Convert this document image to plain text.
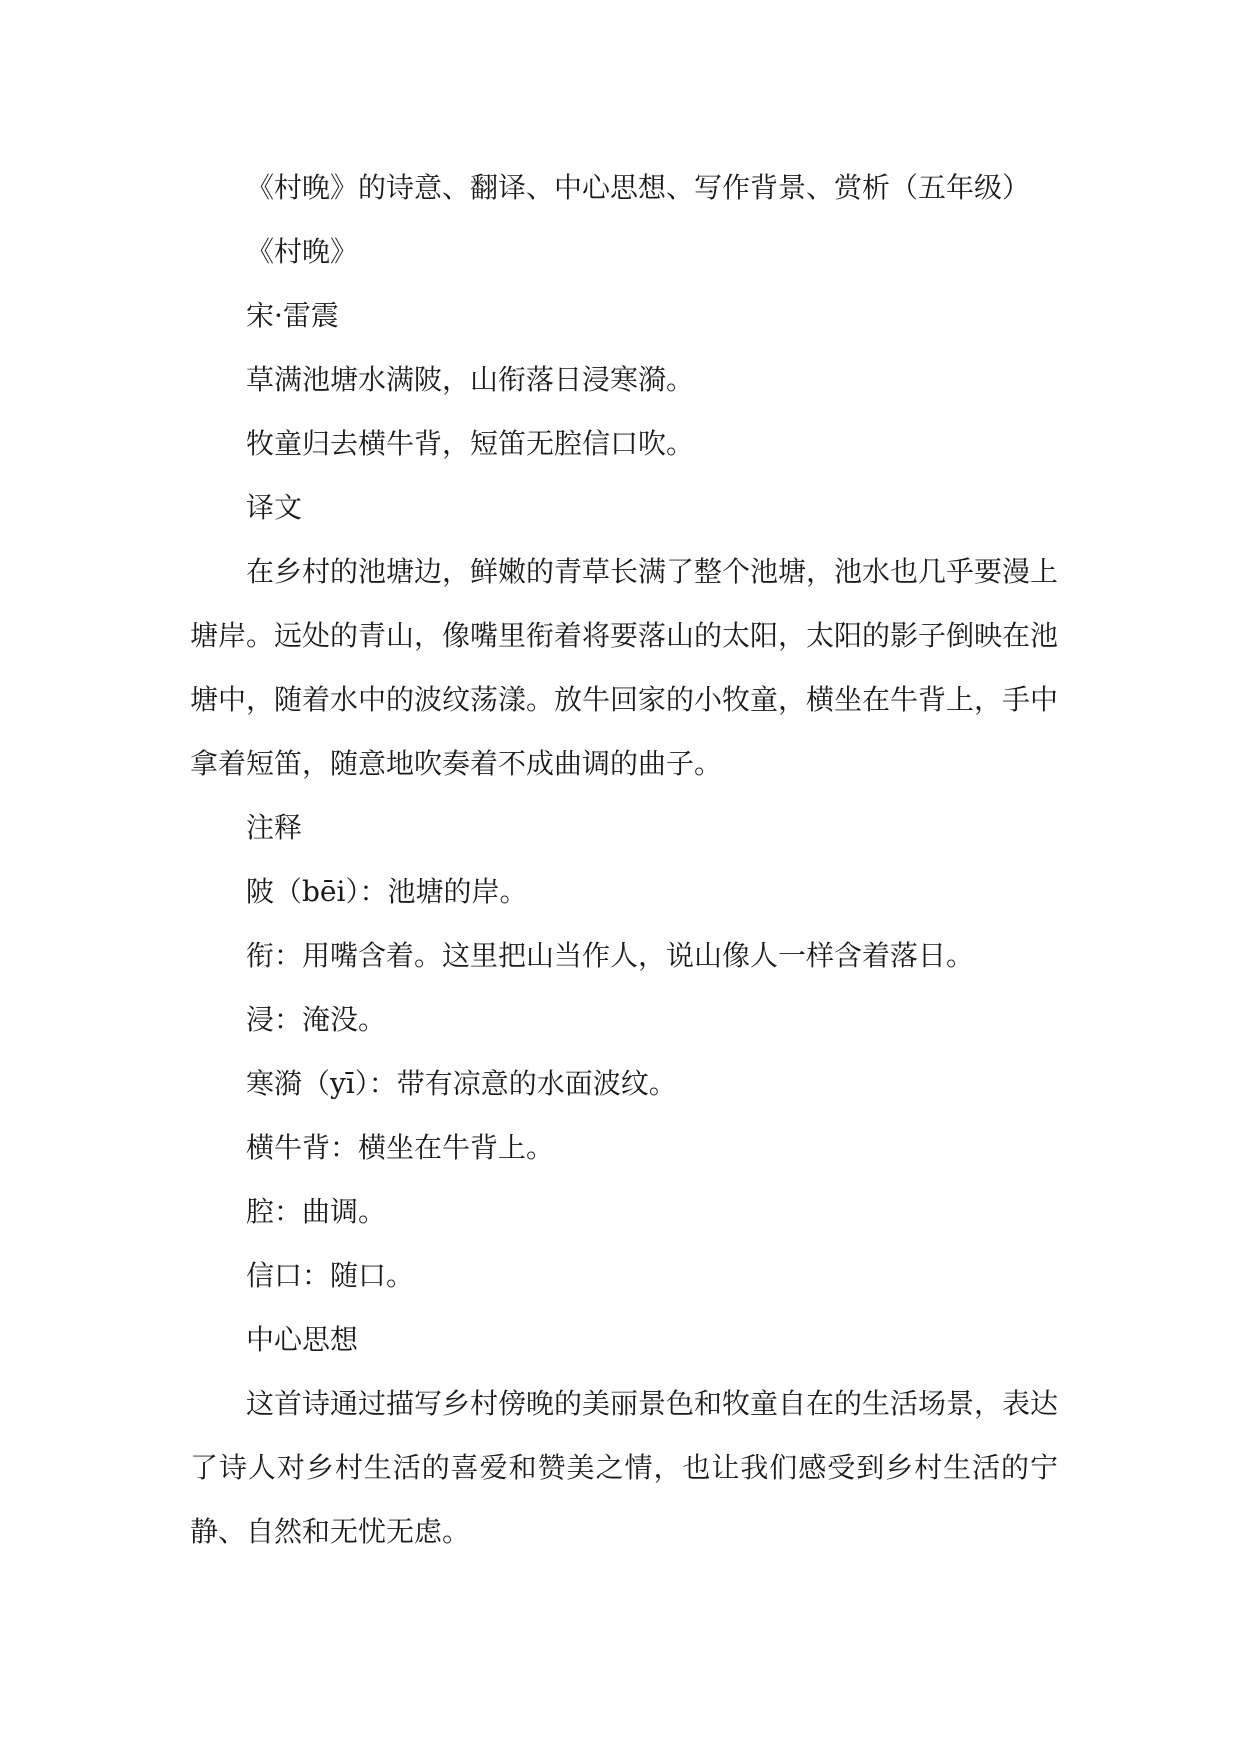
《村晚》的诗意、翻译、中心思想、写作背景、赏析（五年级）

《村晚》

宋·雷震

草满池塘水满陂，山衔落日浸寒漪。

牧童归去横牛背，短笛无腔信口吹。

译文

在乡村的池塘边，鲜嫩的青草长满了整个池塘，池水也几乎要漫上塘岸。远处的青山，像嘴里衔着将要落山的太阳，太阳的影子倒映在池塘中，随着水中的波纹荡漾。放牛回家的小牧童，横坐在牛背上，手中拿着短笛，随意地吹奏着不成曲调的曲子。

注释

陂（bēi）：池塘的岸。

衔：用嘴含着。这里把山当作人，说山像人一样含着落日。

浸：淹没。

寒漪（yī）：带有凉意的水面波纹。

横牛背：横坐在牛背上。

腔：曲调。

信口：随口。

中心思想

这首诗通过描写乡村傍晚的美丽景色和牧童自在的生活场景，表达了诗人对乡村生活的喜爱和赞美之情，也让我们感受到乡村生活的宁静、自然和无忧无虑。
